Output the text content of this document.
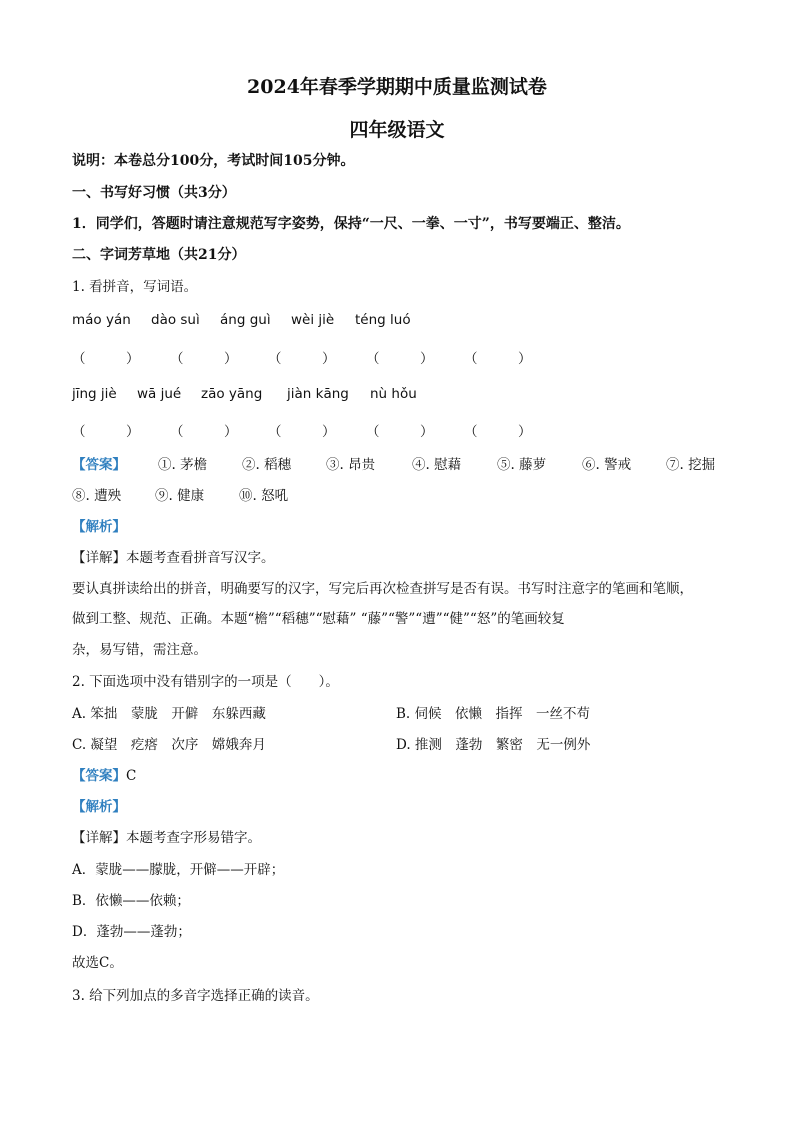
2024年春季学期期中质量监测试卷
四年级语文
说明：本卷总分100分，考试时间105分钟。
一、书写好习惯（共3分）
1．同学们，答题时请注意规范写字姿势，保持“一尺、一拳、一寸”，书写要端正、整洁。
二、字词芳草地（共21分）
1. 看拼音，写词语。
máo yán dào suì áng guì wèi jiè téng luó
（　　　） （　　　） （　　　） （　　　） （　　　）
jīng jiè wā jué zāo yāng jiàn kāng nù hǒu
（　　　） （　　　） （　　　） （　　　） （　　　）
【答案】 ①. 茅檐	②. 稻穗	③. 昂贵	④. 慰藉	⑤. 藤萝	⑥. 警戒	⑦. 挖掘
⑧. 遭殃	⑨. 健康	⑩. 怒吼
【解析】
【详解】本题考查看拼音写汉字。
要认真拼读给出的拼音，明确要写的汉字，写完后再次检查拼写是否有误。书写时注意字的笔画和笔顺，
做到工整、规范、正确。本题“檐”“稻穗”“慰藉” “藤”“警”“遭”“健”“怒”的笔画较复
杂，易写错，需注意。
2. 下面选项中没有错别字的一项是（　　）。
A. 笨拙　蒙胧　开僻　东躲西藏	B. 伺候　依懒　指挥　一丝不苟
C. 凝望　疙瘩　次序　嫦娥奔月	D. 推测　蓬勃　繁密　无一例外
【答案】C
【解析】
【详解】本题考查字形易错字。
A．蒙胧——朦胧，开僻——开辟；
B．依懒——依赖；
D．蓬勃——蓬勃；
故选C。
3. 给下列加点的多音字选择正确的读音。
